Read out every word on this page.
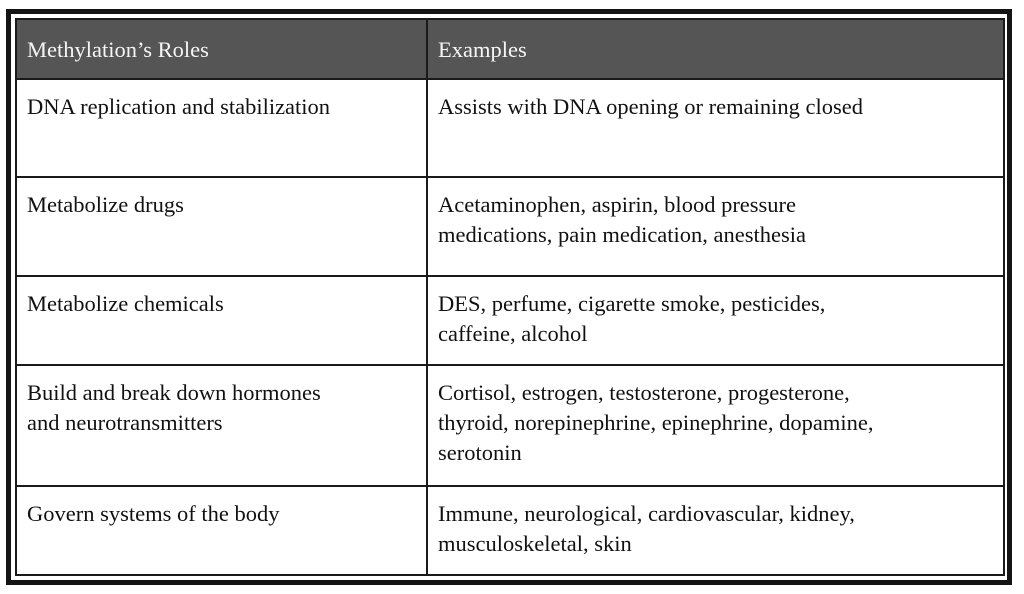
Methylation’s Roles	Examples
DNA replication and stabilization	Assists with DNA opening or remaining closed
Metabolize drugs	Acetaminophen, aspirin, blood pressure
medications, pain medication, anesthesia
Metabolize chemicals	DES, perfume, cigarette smoke, pesticides,
caffeine, alcohol
Build and break down hormones
and neurotransmitters	Cortisol, estrogen, testosterone, progesterone,
thyroid, norepinephrine, epinephrine, dopamine,
serotonin
Govern systems of the body	Immune, neurological, cardiovascular, kidney,
musculoskeletal, skin
